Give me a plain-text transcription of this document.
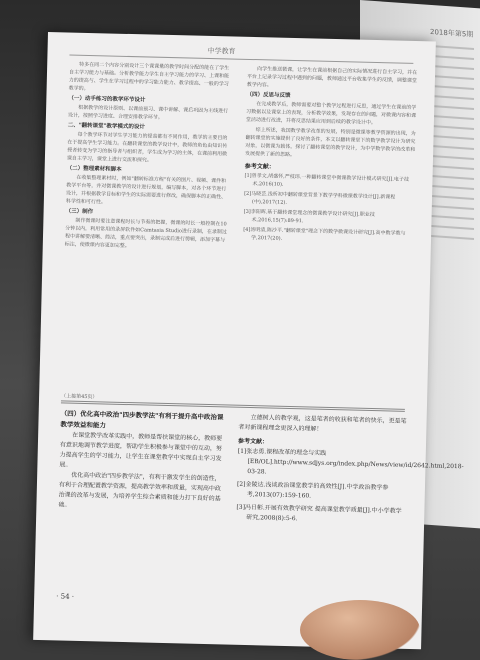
2018年第5期
中学教育

特多在同二个内容分别设计三个课课量的教学时间分配的能在了学生自主学习能力与基础。分析教学能力学生自主学习能力的学习、上课和能力的提高与、学生在学习过程中的学习能力能力、教学提高、一般的学习教学的。

（一）动手练习的教学环节设计

根据教学的设计原则、以课前预习、课中讲解、课后巩固为主线进行设计，按照学习进度、合理安排教学环节。

二、"翻转课堂"教学模式的设计

每个教学环节对学生学习能力的提高都有不同作用，教学的主要目的在于提高学生学习能力。在翻转课堂的教学设计中，教师的角色由知识传授者转变为学习的指导者与组织者，学生成为学习的主体，在课前利用微课自主学习，课堂上进行交流和探究。

（二）整理素材和脚本

在收集整理素材时，例如"翻转标准方程"有关的图片、视频、课件和教学平台等，并对微课教学的设计进行规划，编写脚本，对各个环节进行设计，并根据教学目标和学生的实际需要进行修改，确保脚本的正确性、科学性和可行性。

（三）制作

制作微课时要注意课程时长与节奏的把握，微课的时长一般控制在10分钟以内，利用常用的录屏软件如Camtasia Studio进行录制，在录制过程中讲解要清晰、简洁，重点要突出，录制完成后进行剪辑，添加字幕与标注，使微课内容更加完整。

向学生推送微课，让学生在课前根据自己的实际情况进行自主学习，并在平台上记录学习过程中遇到的问题，教师通过平台收集学生的反馈，调整课堂教学内容。

（四）反思与反馈

在完成教学后，教师需要对整个教学过程进行反思，通过学生在课前的学习数据以及课堂上的表现，分析教学效果，发现存在的问题，对微课内容和课堂活动进行改进，并将反思结果应用到后续的教学设计中。

综上所述，我国数学教学改革的发展，特别是微课等教学资源的出现，为翻转课堂的实施提供了良好的条件，本文以翻转课堂下的数学教学设计为研究对象，以微课为载体，探讨了翻转课堂的教学设计，为中学数学教学的改革和发展提供了新的思路。

参考文献：

[1]曾孝文,胡盛怀,严枝玮.一种翻转课堂中微课教学设计模式研究[J].电子技术,2016(10).

[2]马晓芸.浅析初中翻转课堂背景下数学学科微课教学设计[J].新课程(中),2017(12).

[3]李阳晖.基于翻转课堂理念的微课教学设计研究[J].职业技术,2016,15(7):89-91.

[4]汤明清,陈沙平."翻转课堂"理念下的数学微课设计研究[J].高中数学教与学,2017(20).

（上接第45页）

（四）优化高中政治"四步教学法"有利于提升高中政治课教学效益和能力

在课堂教学改革实践中，教师是帮扶课堂的核心，教师要有意识地调节教学进度，帮助学生积极参与课堂中的互动，努力提高学生的学习能力，让学生在课堂教学中实现自主学习发展。

优化高中政治"四步教学法"，有利于激发学生的创造性，有利于合理配置教学资源，提高教学效率和质量，实现高中政治课的改革与发展，为培养学生综合素质和能力打下良好的基础。

立德树人的教学观，这是笔者的收获和笔者的快乐，更是笔者对新课程理念更深入的理解！

参考文献：

[1]张志勇.课程改革的理念与实践[EB/OL].http://www.sdjys.org/index.php/News/view/id/2642.html,2018-03-28.

[2]金陵达.浅谈政治课堂教学的高效性[J].中学政治教学参考,2013(07):159-160.

[3]冯日彬.开展有效教学研究 提高课堂教学质量[J].中小学教学研究,2008(8):5-6.

· 54 ·
